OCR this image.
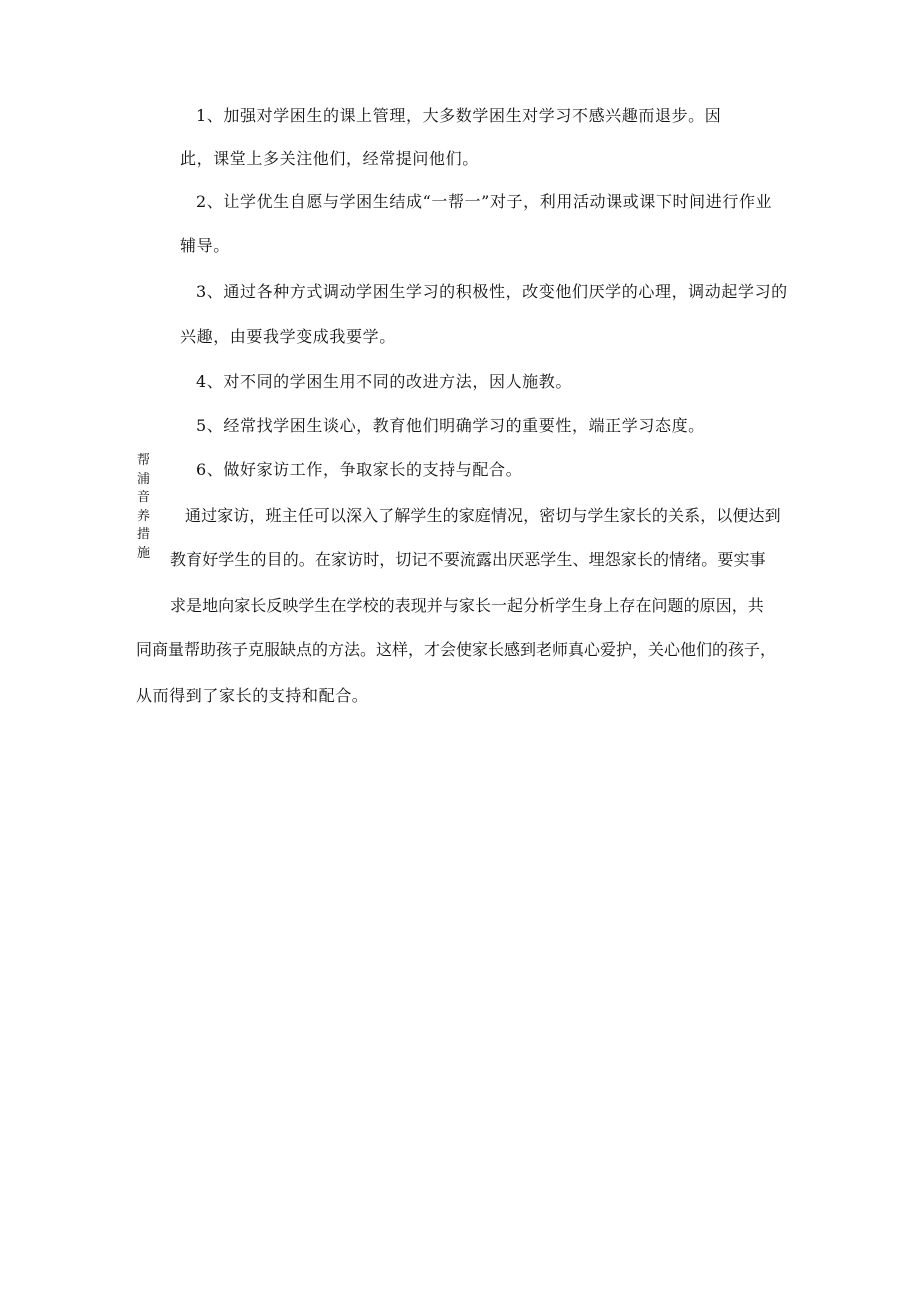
1、加强对学困生的课上管理，大多数学困生对学习不感兴趣而退步。因
此，课堂上多关注他们，经常提问他们。
2、让学优生自愿与学困生结成“一帮一”对子，利用活动课或课下时间进行作业
辅导。
3、通过各种方式调动学困生学习的积极性，改变他们厌学的心理，调动起学习的
兴趣，由要我学变成我要学。
4、对不同的学困生用不同的改进方法，因人施教。
5、经常找学困生谈心，教育他们明确学习的重要性，端正学习态度。
6、做好家访工作，争取家长的支持与配合。
通过家访，班主任可以深入了解学生的家庭情况，密切与学生家长的关系，以便达到
教育好学生的目的。在家访时，切记不要流露出厌恶学生、埋怨家长的情绪。要实事
求是地向家长反映学生在学校的表现并与家长一起分析学生身上存在问题的原因，共
同商量帮助孩子克服缺点的方法。这样，才会使家长感到老师真心爱护，关心他们的孩子，
从而得到了家长的支持和配合。
帮浦音养措施
